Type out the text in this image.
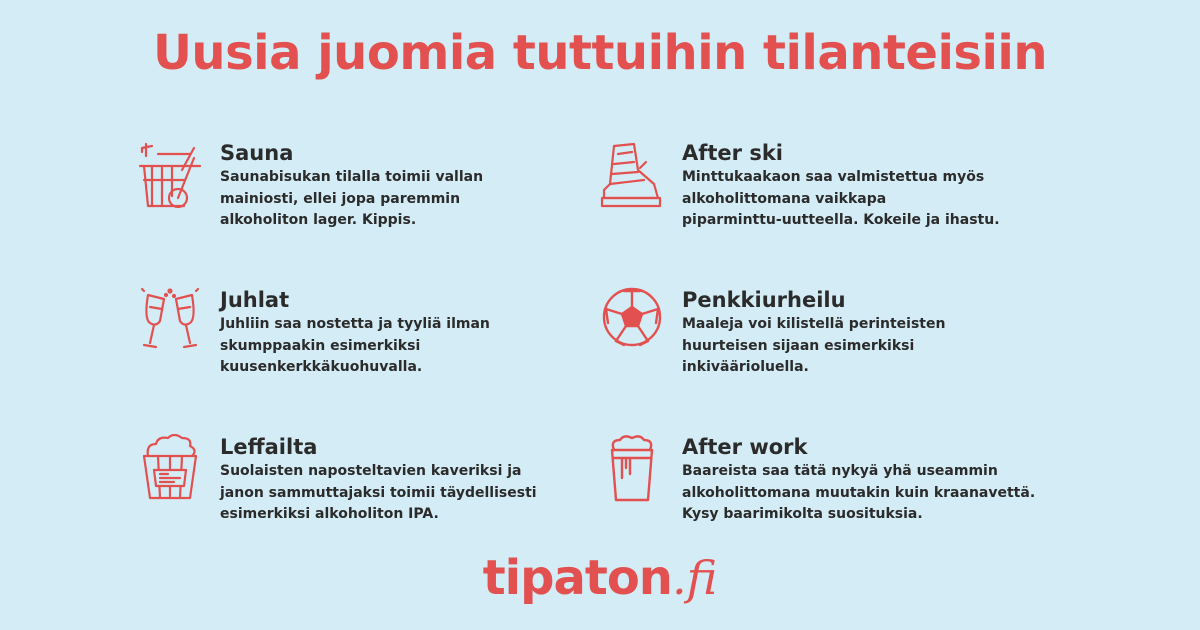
Uusia juomia tuttuihin tilanteisiin
Sauna
Saunabisukan tilalla toimii vallan
mainiosti, ellei jopa paremmin
alkoholiton lager. Kippis.
After ski
Minttukaakaon saa valmistettua myös
alkoholittomana vaikkapa
piparminttu-uutteella. Kokeile ja ihastu.
Juhlat
Juhliin saa nostetta ja tyyliä ilman
skumppaakin esimerkiksi
kuusenkerkkäkuohuvalla.
Penkkiurheilu
Maaleja voi kilistellä perinteisten
huurteisen sijaan esimerkiksi
inkiväärioluella.
Leffailta
Suolaisten naposteltavien kaveriksi ja
janon sammuttajaksi toimii täydellisesti
esimerkiksi alkoholiton IPA.
After work
Baareista saa tätä nykyä yhä useammin
alkoholittomana muutakin kuin kraanavettä.
Kysy baarimikolta suosituksia.
tipaton.fi
